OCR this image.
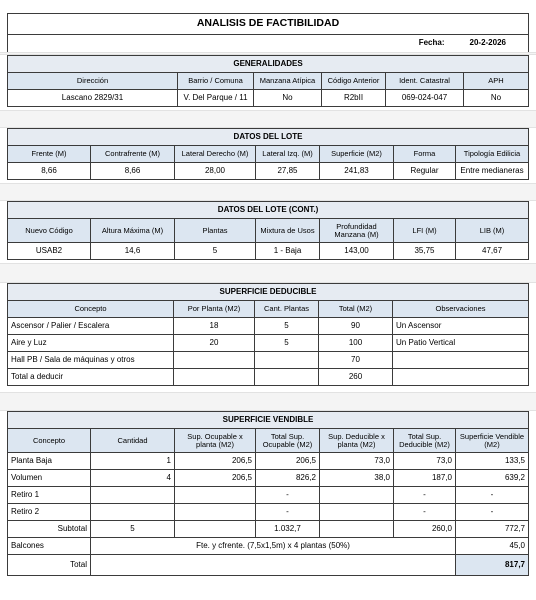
ANALISIS DE FACTIBILIDAD
	Fecha:	20-2-2026
GENERALIDADES					
Dirección	Barrio / Comuna	Manzana Atípica	Código Anterior	Ident. Catastral	APH
Lascano 2829/31	V. Del Parque / 11	No	R2bII	069-024-047	No
DATOS DEL LOTE						
Frente (M)	Contrafrente (M)	Lateral Derecho (M)	Lateral Izq. (M)	Superficie (M2)	Forma	Tipología Edilicia
8,66	8,66	28,00	27,85	241,83	Regular	Entre medianeras
DATOS DEL LOTE (CONT.)						
Nuevo Código	Altura Máxima (M)	Plantas	Mixtura de Usos	Profundidad Manzana (M)	LFI (M)	LIB (M)
USAB2	14,6	5	1 - Baja	143,00	35,75	47,67
SUPERFICIE DEDUCIBLE				
Concepto	Por Planta (M2)	Cant. Plantas	Total (M2)	Observaciones
Ascensor / Palier / Escalera	18	5	90	Un Ascensor
Aire y Luz	20	5	100	Un Patio Vertical
Hall PB / Sala de máquinas y otros			70	
Total a deducir			260	
SUPERFICIE VENDIBLE						
Concepto	Cantidad	Sup. Ocupable x planta (M2)	Total Sup. Ocupable (M2)	Sup. Deducible x planta (M2)	Total Sup. Deducible (M2)	Superficie Vendible (M2)
Planta Baja	1	206,5	206,5	73,0	73,0	133,5
Volumen	4	206,5	826,2	38,0	187,0	639,2
Retiro 1			-		-	-
Retiro 2			-		-	-
Subtotal	5		1.032,7		260,0	772,7
Balcones	Fte. y cfrente. (7,5x1,5m) x 4 plantas (50%)					45,0
Total						817,7
